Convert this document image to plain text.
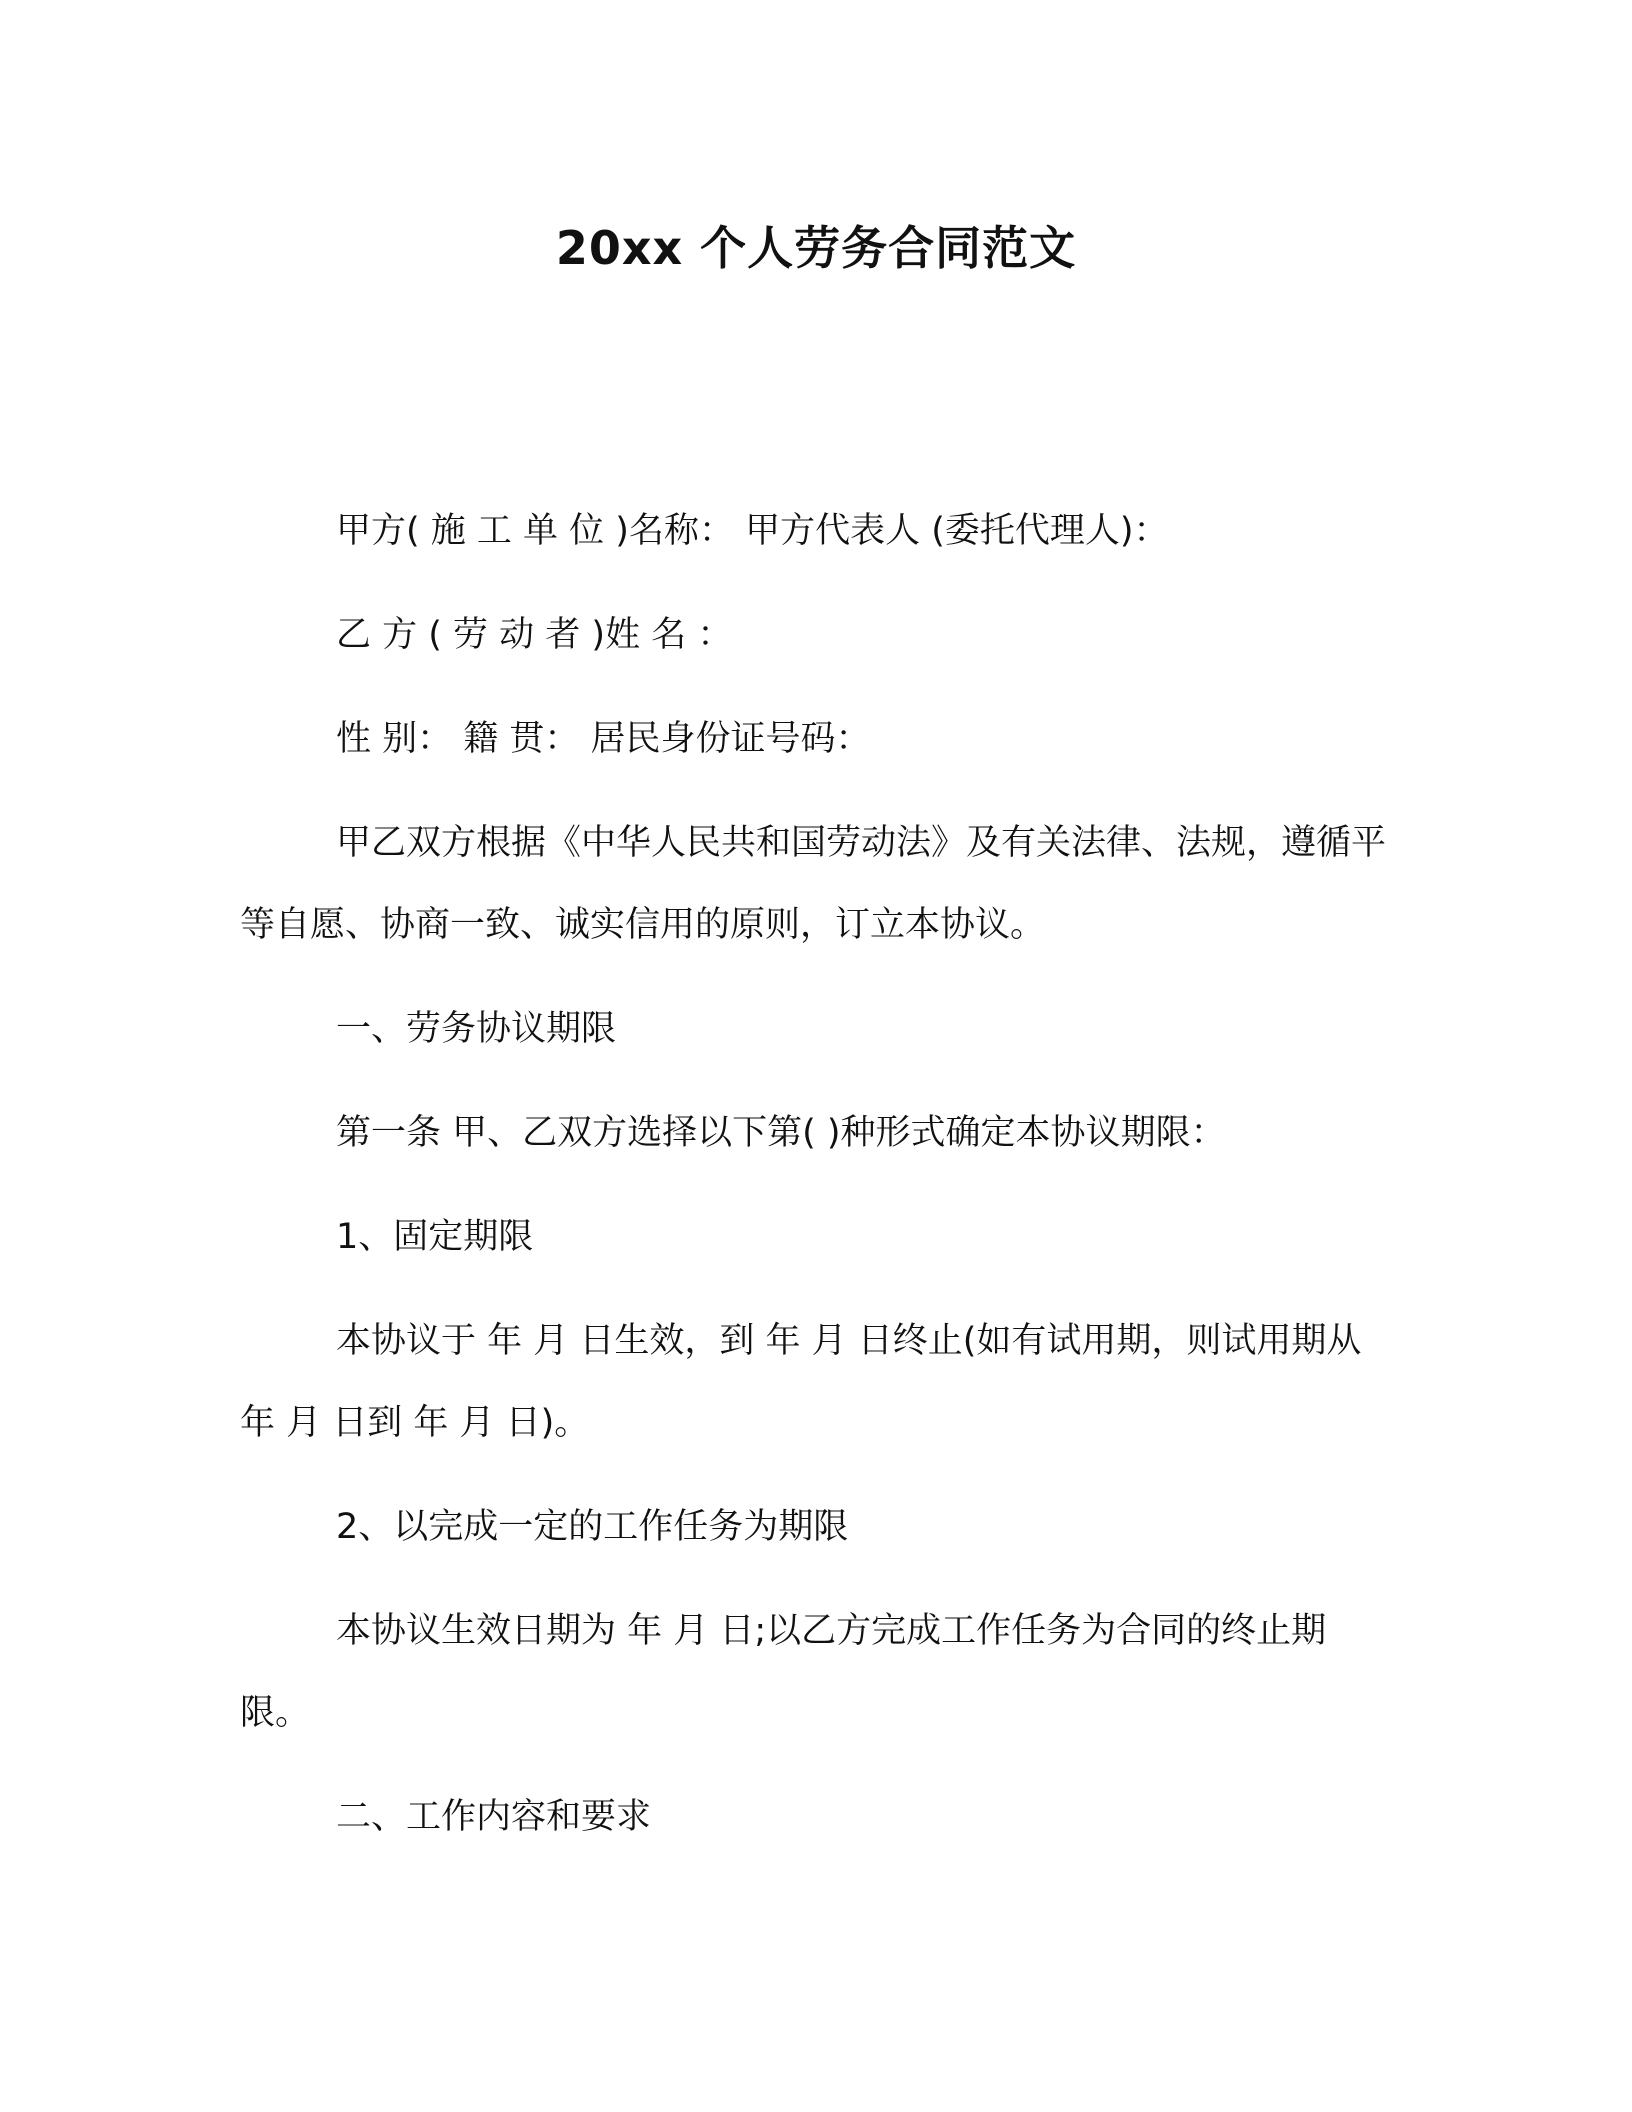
20xx 个人劳务合同范文

甲方( 施 工 单 位 )名称： 甲方代表人 (委托代理人)：

乙 方 ( 劳 动 者 )姓 名 ：

性 别： 籍 贯： 居民身份证号码：

甲乙双方根据《中华人民共和国劳动法》及有关法律、法规，遵循平等自愿、协商一致、诚实信用的原则，订立本协议。

一、劳务协议期限

第一条 甲、乙双方选择以下第( )种形式确定本协议期限：

1、固定期限

本协议于 年 月 日生效，到 年 月 日终止(如有试用期，则试用期从 年 月 日到 年 月 日)。

2、以完成一定的工作任务为期限

本协议生效日期为 年 月 日;以乙方完成工作任务为合同的终止期限。

二、工作内容和要求
